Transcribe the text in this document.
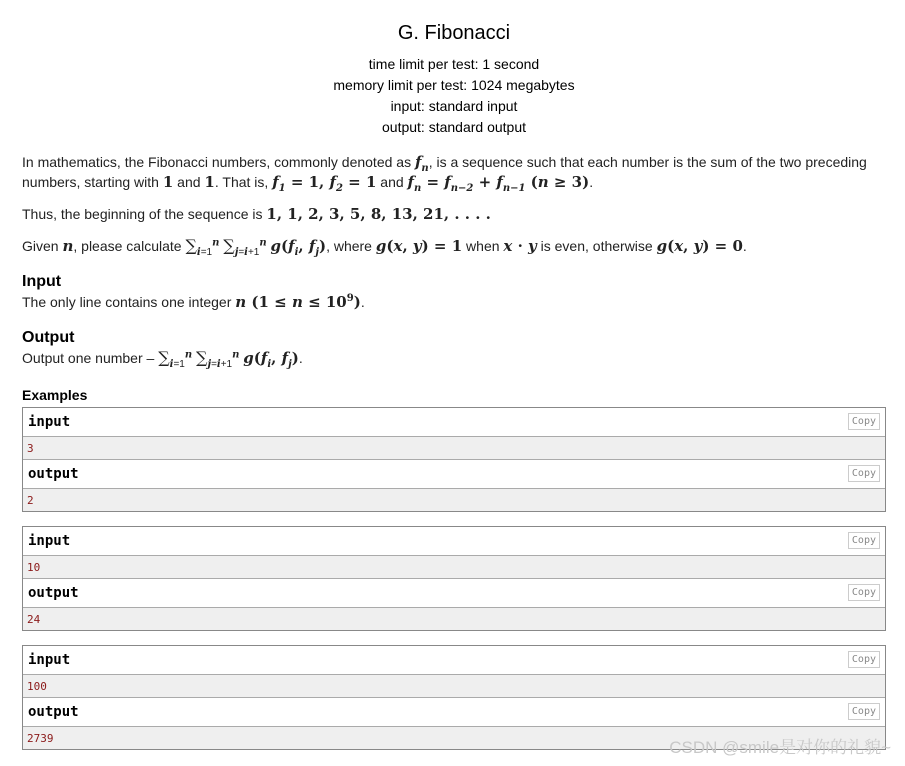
G. Fibonacci
time limit per test: 1 second
memory limit per test: 1024 megabytes
input: standard input
output: standard output
In mathematics, the Fibonacci numbers, commonly denoted as $f_n$, is a sequence such that each number is the sum of the two preceding numbers, starting with 1 and 1. That is, $f_1 = 1$, $f_2 = 1$ and $f_n = f_{n-2} + f_{n-1}$ (n ≥ 3).
Thus, the beginning of the sequence is 1, 1, 2, 3, 5, 8, 13, 21, . . . .
Given n, please calculate $\sum_{i=1}^n$ $\sum_{j=i+1}^n$ $g(f_i$, $f_j$), where g(x, y) = 1 when x · y is even, otherwise g(x, y) = 0.
Input
The only line contains one integer n $(1 \le n \le 10^9)$.
Output
Output one number – $\sum_{i=1}^n$ $\sum_{j=i+1}^n$ $g(f_i$, $f_j$).
Examples
input	Copy
3
output	Copy
2
input	Copy
10
output	Copy
24
input	Copy
100
output	Copy
2739	CSDN @smile是对你的礼貌~
